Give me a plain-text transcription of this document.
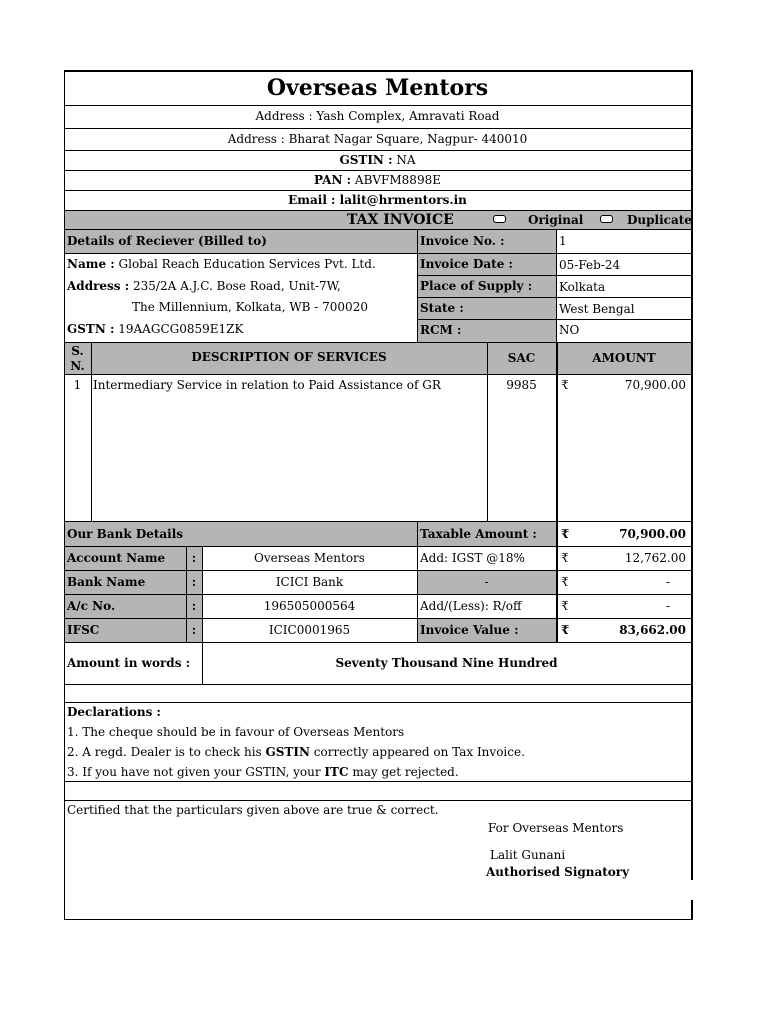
Overseas Mentors
Address : Yash Complex, Amravati Road
Address : Bharat Nagar Square, Nagpur- 440010
GSTIN : NA
PAN : ABVFM8898E
Email : lalit@hrmentors.in
TAX INVOICE	Original	Duplicate
Details of Reciever (Billed to)
Name : Global Reach Education Services Pvt. Ltd.
Address : 235/2A A.J.C. Bose Road, Unit-7W,
The Millennium, Kolkata, WB - 700020
GSTN : 19AAGCG0859E1ZK
Invoice No. :	1
Invoice Date :	05-Feb-24
Place of Supply : Kolkata
State :	West Bengal
RCM :	NO
S.
N.
DESCRIPTION OF SERVICES	SAC	AMOUNT
1 Intermediary Service in relation to Paid Assistance of GR	9985	₹	70,900.00
Our Bank Details
Account Name	:	Overseas Mentors
Bank Name	:	ICICI Bank
A/c No.	:	196505000564
IFSC	:	ICIC0001965
Taxable Amount : ₹	70,900.00
Add: IGST @18%	₹	12,762.00
-	₹	-
Add/(Less): R/off	₹	-
Invoice Value :	₹	83,662.00
Amount in words :	Seventy Thousand Nine Hundred
Declarations :
1. The cheque should be in favour of Overseas Mentors
2. A regd. Dealer is to check his GSTIN correctly appeared on Tax Invoice.
3. If you have not given your GSTIN, your ITC may get rejected.
Certified that the particulars given above are true & correct.
For Overseas Mentors
Lalit Gunani
Authorised Signatory
